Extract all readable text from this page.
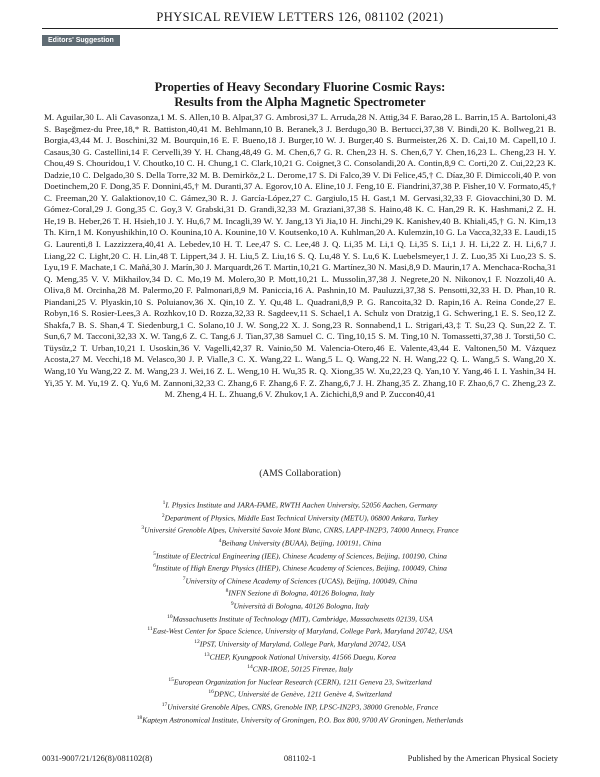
PHYSICAL REVIEW LETTERS 126, 081102 (2021)
Editors' Suggestion
Properties of Heavy Secondary Fluorine Cosmic Rays:
Results from the Alpha Magnetic Spectrometer
M. Aguilar,30 L. Ali Cavasonza,1 M. S. Allen,10 B. Alpat,37 G. Ambrosi,37 L. Arruda,28 N. Attig,34 F. Barao,28 L. Barrin,15 A. Bartoloni,43 S. Başeğmez-du Pree,18,* R. Battiston,40,41 M. Behlmann,10 B. Beranek,3 J. Berdugo,30 B. Bertucci,37,38 V. Bindi,20 K. Bollweg,21 B. Borgia,43,44 M. J. Boschini,32 M. Bourquin,16 E. F. Bueno,18 J. Burger,10 W. J. Burger,40 S. Burmeister,26 X. D. Cai,10 M. Capell,10 J. Casaus,30 G. Castellini,14 F. Cervelli,39 Y. H. Chang,48,49 G. M. Chen,6,7 G. R. Chen,23 H. S. Chen,6,7 Y. Chen,16,23 L. Cheng,23 H. Y. Chou,49 S. Chouridou,1 V. Choutko,10 C. H. Chung,1 C. Clark,10,21 G. Coignet,3 C. Consolandi,20 A. Contin,8,9 C. Corti,20 Z. Cui,22,23 K. Dadzie,10 C. Delgado,30 S. Della Torre,32 M. B. Demirköz,2 L. Derome,17 S. Di Falco,39 V. Di Felice,45,† C. Díaz,30 F. Dimiccoli,40 P. von Doetinchem,20 F. Dong,35 F. Donnini,45,† M. Duranti,37 A. Egorov,10 A. Eline,10 J. Feng,10 E. Fiandrini,37,38 P. Fisher,10 V. Formato,45,† C. Freeman,20 Y. Galaktionov,10 C. Gámez,30 R. J. García-López,27 C. Gargiulo,15 H. Gast,1 M. Gervasi,32,33 F. Giovacchini,30 D. M. Gómez-Coral,29 J. Gong,35 C. Goy,3 V. Grabski,31 D. Grandi,32,33 M. Graziani,37,38 S. Haino,48 K. C. Han,29 R. K. Hashmani,2 Z. H. He,19 B. Heber,26 T. H. Hsieh,10 J. Y. Hu,6,7 M. Incagli,39 W. Y. Jang,13 Yi Jia,10 H. Jinchi,29 K. Kanishev,40 B. Khiali,45,† G. N. Kim,13 Th. Kirn,1 M. Konyushikhin,10 O. Kounina,10 A. Kounine,10 V. Koutsenko,10 A. Kuhlman,20 A. Kulemzin,10 G. La Vacca,32,33 E. Laudi,15 G. Laurenti,8 I. Lazzizzera,40,41 A. Lebedev,10 H. T. Lee,47 S. C. Lee,48 J. Q. Li,35 M. Li,1 Q. Li,35 S. Li,1 J. H. Li,22 Z. H. Li,6,7 J. Liang,22 C. Light,20 C. H. Lin,48 T. Lippert,34 J. H. Liu,5 Z. Liu,16 S. Q. Lu,48 Y. S. Lu,6 K. Luebelsmeyer,1 J. Z. Luo,35 Xi Luo,23 S. S. Lyu,19 F. Machate,1 C. Mañá,30 J. Marín,30 J. Marquardt,26 T. Martin,10,21 G. Martínez,30 N. Masi,8,9 D. Maurin,17 A. Menchaca-Rocha,31 Q. Meng,35 V. V. Mikhailov,34 D. C. Mo,19 M. Molero,30 P. Mott,10,21 L. Mussolin,37,38 J. Negrete,20 N. Nikonov,1 F. Nozzoli,40 A. Oliva,8 M. Orcinha,28 M. Palermo,20 F. Palmonari,8,9 M. Paniccia,16 A. Pashnin,10 M. Pauluzzi,37,38 S. Pensotti,32,33 H. D. Phan,10 R. Piandani,25 V. Plyaskin,10 S. Poluianov,36 X. Qin,10 Z. Y. Qu,48 L. Quadrani,8,9 P. G. Rancoita,32 D. Rapin,16 A. Reina Conde,27 E. Robyn,16 S. Rosier-Lees,3 A. Rozhkov,10 D. Rozza,32,33 R. Sagdeev,11 S. Schael,1 A. Schulz von Dratzig,1 G. Schwering,1 E. S. Seo,12 Z. Shakfa,7 B. S. Shan,4 T. Siedenburg,1 C. Solano,10 J. W. Song,22 X. J. Song,23 R. Sonnabend,1 L. Strigari,43,‡ T. Su,23 Q. Sun,22 Z. T. Sun,6,7 M. Tacconi,32,33 X. W. Tang,6 Z. C. Tang,6 J. Tian,37,38 Samuel C. C. Ting,10,15 S. M. Ting,10 N. Tomassetti,37,38 J. Torsti,50 C. Tüysüz,2 T. Urban,10,21 I. Usoskin,36 V. Vagelli,42,37 R. Vainio,50 M. Valencia-Otero,46 E. Valente,43,44 E. Valtonen,50 M. Vázquez Acosta,27 M. Vecchi,18 M. Velasco,30 J. P. Vialle,3 C. X. Wang,22 L. Wang,5 L. Q. Wang,22 N. H. Wang,22 Q. L. Wang,5 S. Wang,20 X. Wang,10 Yu Wang,22 Z. M. Wang,23 J. Wei,16 Z. L. Weng,10 H. Wu,35 R. Q. Xiong,35 W. Xu,22,23 Q. Yan,10 Y. Yang,46 I. I. Yashin,34 H. Yi,35 Y. M. Yu,19 Z. Q. Yu,6 M. Zannoni,32,33 C. Zhang,6 F. Zhang,6 F. Z. Zhang,6,7 J. H. Zhang,35 Z. Zhang,10 F. Zhao,6,7 C. Zheng,23 Z. M. Zheng,4 H. L. Zhuang,6 V. Zhukov,1 A. Zichichi,8,9 and P. Zuccon40,41
(AMS Collaboration)
$^1$I. Physics Institute and JARA-FAME, RWTH Aachen University, 52056 Aachen, Germany
$^2$Department of Physics, Middle East Technical University (METU), 06800 Ankara, Turkey
$^3$Université Grenoble Alpes, Université Savoie Mont Blanc, CNRS, LAPP-IN2P3, 74000 Annecy, France
$^4$Beihang University (BUAA), Beijing, 100191, China
$^5$Institute of Electrical Engineering (IEE), Chinese Academy of Sciences, Beijing, 100190, China
$^6$Institute of High Energy Physics (IHEP), Chinese Academy of Sciences, Beijing, 100049, China
$^7$University of Chinese Academy of Sciences (UCAS), Beijing, 100049, China
$^8$INFN Sezione di Bologna, 40126 Bologna, Italy
$^9$Università di Bologna, 40126 Bologna, Italy
$^{10}$Massachusetts Institute of Technology (MIT), Cambridge, Massachusetts 02139, USA
$^{11}$East-West Center for Space Science, University of Maryland, College Park, Maryland 20742, USA
$^{12}$IPST, University of Maryland, College Park, Maryland 20742, USA
$^{13}$CHEP, Kyungpook National University, 41566 Daegu, Korea
$^{14}$CNR-IROE, 50125 Firenze, Italy
$^{15}$European Organization for Nuclear Research (CERN), 1211 Geneva 23, Switzerland
$^{16}$DPNC, Université de Genève, 1211 Genève 4, Switzerland
$^{17}$Université Grenoble Alpes, CNRS, Grenoble INP, LPSC-IN2P3, 38000 Grenoble, France
$^{18}$Kapteyn Astronomical Institute, University of Groningen, P.O. Box 800, 9700 AV Groningen, Netherlands
0031-9007/21/126(8)/081102(8)	081102-1	Published by the American Physical Society
